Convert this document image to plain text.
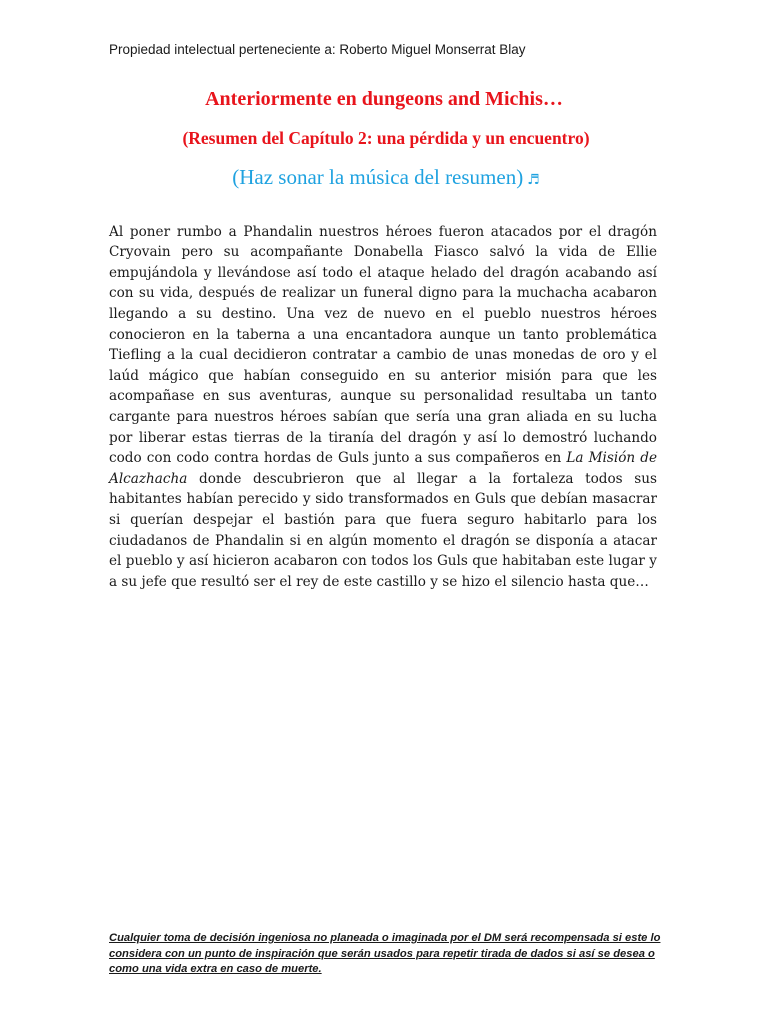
Propiedad intelectual perteneciente a: Roberto Miguel Monserrat Blay
Anteriormente en dungeons and Michis…
(Resumen del Capítulo 2: una pérdida y un encuentro)
(Haz sonar la música del resumen) ♬

Al poner rumbo a Phandalin nuestros héroes fueron atacados por el dragón Cryovain pero su acompañante Donabella Fiasco salvó la vida de Ellie empujándola y llevándose así todo el ataque helado del dragón acabando así con su vida, después de realizar un funeral digno para la muchacha acabaron llegando a su destino. Una vez de nuevo en el pueblo nuestros héroes conocieron en la taberna a una encantadora aunque un tanto problemática Tiefling a la cual decidieron contratar a cambio de unas monedas de oro y el laúd mágico que habían conseguido en su anterior misión para que les acompañase en sus aventuras, aunque su personalidad resultaba un tanto cargante para nuestros héroes sabían que sería una gran aliada en su lucha por liberar estas tierras de la tiranía del dragón y así lo demostró luchando codo con codo contra hordas de Guls junto a sus compañeros en La Misión de Alcazhacha donde descubrieron que al llegar a la fortaleza todos sus habitantes habían perecido y sido transformados en Guls que debían masacrar si querían despejar el bastión para que fuera seguro habitarlo para los ciudadanos de Phandalin si en algún momento el dragón se disponía a atacar el pueblo y así hicieron acabaron con todos los Guls que habitaban este lugar y a su jefe que resultó ser el rey de este castillo y se hizo el silencio hasta que…

Cualquier toma de decisión ingeniosa no planeada o imaginada por el DM será recompensada si este lo considera con un punto de inspiración que serán usados para repetir tirada de dados si así se desea o como una vida extra en caso de muerte.
